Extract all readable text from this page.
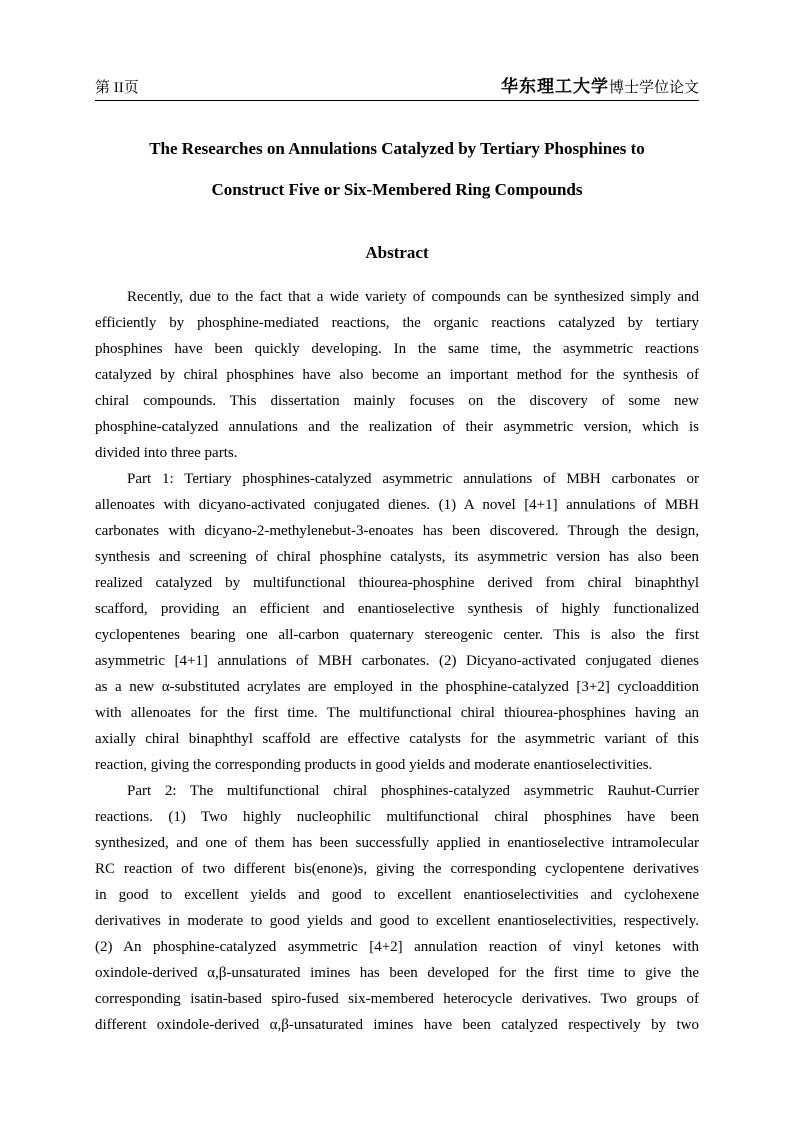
第 II页	华东理工大学博士学位论文
The Researches on Annulations Catalyzed by Tertiary Phosphines to
Construct Five or Six-Membered Ring Compounds
Abstract
Recently, due to the fact that a wide variety of compounds can be synthesized simply and
efficiently by phosphine-mediated reactions, the organic reactions catalyzed by tertiary
phosphines have been quickly developing. In the same time, the asymmetric reactions
catalyzed by chiral phosphines have also become an important method for the synthesis of
chiral compounds. This dissertation mainly focuses on the discovery of some new
phosphine-catalyzed annulations and the realization of their asymmetric version, which is
divided into three parts.
Part 1: Tertiary phosphines-catalyzed asymmetric annulations of MBH carbonates or
allenoates with dicyano-activated conjugated dienes. (1) A novel [4+1] annulations of MBH
carbonates with dicyano-2-methylenebut-3-enoates has been discovered. Through the design,
synthesis and screening of chiral phosphine catalysts, its asymmetric version has also been
realized catalyzed by multifunctional thiourea-phosphine derived from chiral binaphthyl
scafford, providing an efficient and enantioselective synthesis of highly functionalized
cyclopentenes bearing one all-carbon quaternary stereogenic center. This is also the first
asymmetric [4+1] annulations of MBH carbonates. (2) Dicyano-activated conjugated dienes
as a new α-substituted acrylates are employed in the phosphine-catalyzed [3+2] cycloaddition
with allenoates for the first time. The multifunctional chiral thiourea-phosphines having an
axially chiral binaphthyl scaffold are effective catalysts for the asymmetric variant of this
reaction, giving the corresponding products in good yields and moderate enantioselectivities.
Part 2: The multifunctional chiral phosphines-catalyzed asymmetric Rauhut-Currier
reactions. (1) Two highly nucleophilic multifunctional chiral phosphines have been
synthesized, and one of them has been successfully applied in enantioselective intramolecular
RC reaction of two different bis(enone)s, giving the corresponding cyclopentene derivatives
in good to excellent yields and good to excellent enantioselectivities and cyclohexene
derivatives in moderate to good yields and good to excellent enantioselectivities, respectively.
(2) An phosphine-catalyzed asymmetric [4+2] annulation reaction of vinyl ketones with
oxindole-derived α,β-unsaturated imines has been developed for the first time to give the
corresponding isatin-based spiro-fused six-membered heterocycle derivatives. Two groups of
different oxindole-derived α,β-unsaturated imines have been catalyzed respectively by two
